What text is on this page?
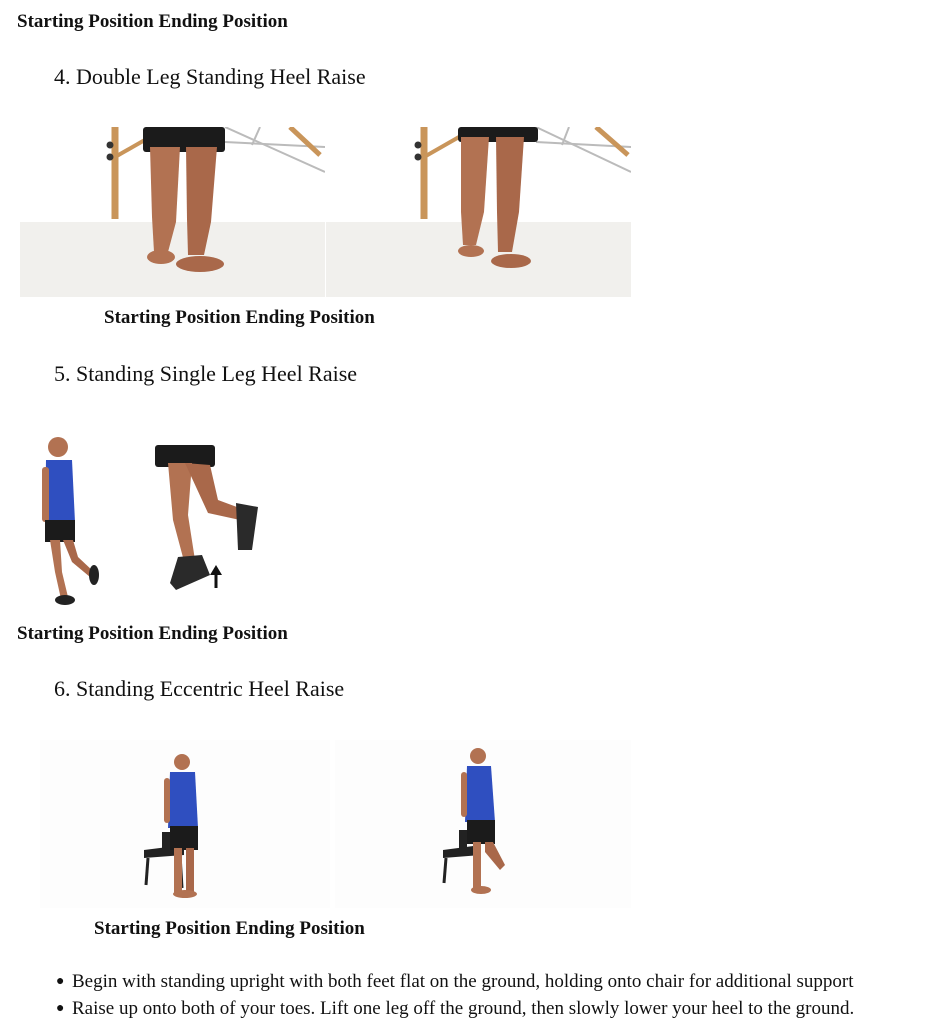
Starting Position Ending Position
4. Double Leg Standing Heel Raise
Starting Position Ending Position
5. Standing Single Leg Heel Raise
Starting Position Ending Position
6. Standing Eccentric Heel Raise
Starting Position Ending Position
● Begin with standing upright with both feet flat on the ground, holding onto chair for additional support
● Raise up onto both of your toes. Lift one leg off the ground, then slowly lower your heel to the ground.
